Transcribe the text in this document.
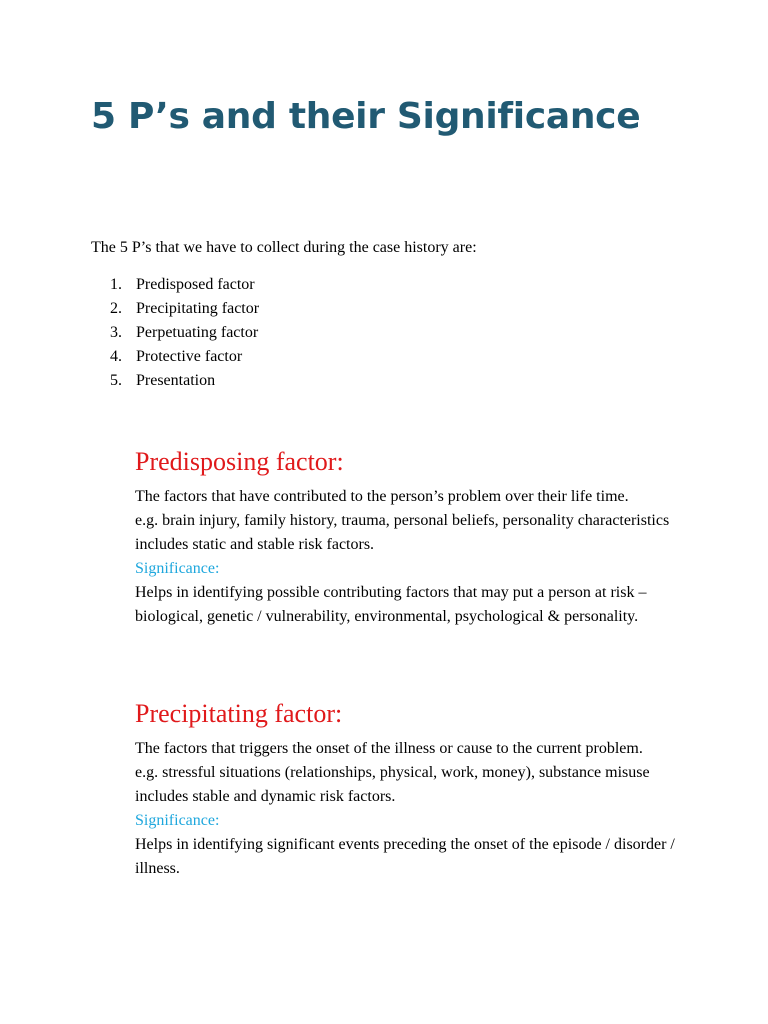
5 P’s and their Significance

The 5 P’s that we have to collect during the case history are:

1. Predisposed factor
2. Precipitating factor
3. Perpetuating factor
4. Protective factor
5. Presentation
Predisposing factor:

The factors that have contributed to the person’s problem over their life time.

e.g. brain injury, family history, trauma, personal beliefs, personality characteristics includes static and stable risk factors.

Significance:

Helps in identifying possible contributing factors that may put a person at risk – biological, genetic / vulnerability, environmental, psychological & personality.

Precipitating factor:

The factors that triggers the onset of the illness or cause to the current problem.

e.g. stressful situations (relationships, physical, work, money), substance misuse includes stable and dynamic risk factors.

Significance:

Helps in identifying significant events preceding the onset of the episode / disorder / illness.
